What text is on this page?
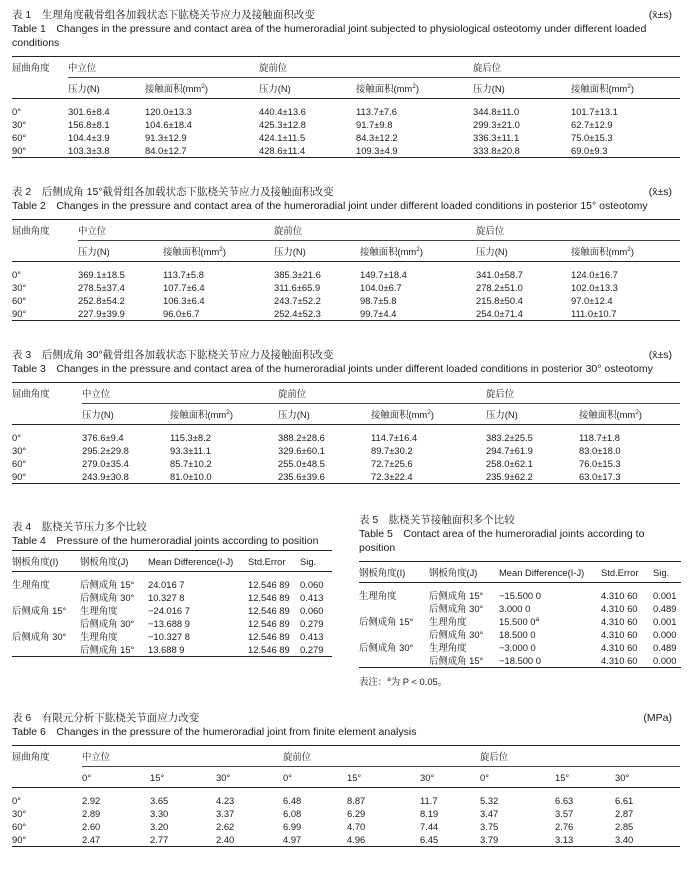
表 1　生理角度截骨组各加载状态下肱桡关节应力及接触面积改变	(x̄±s)
Table 1　Changes in the pressure and contact area of the humeroradial joint subjected to physiological osteotomy under different loaded conditions
屈曲角度	中立位		旋前位		旋后位	
	压力(N)	接触面积$(mm^2)$	压力(N)	接触面积$(mm^2)$	压力(N)	接触面积$(mm^2)$

0°	301.6±8.4	120.0±13.3	440.4±13.6	113.7±7.6	344.8±11.0	101.7±13.1
30°	156.8±8.1	104.6±18.4	425.3±12.8	91.7±9.8	299.3±21.0	62.7±12.9
60°	104.4±3.9	91.3±12.9	424.1±11.5	84.3±12.2	336.3±11.1	75.0±15.3
90°	103.3±3.8	84.0±12.7	428.6±11.4	109.3±4.9	333.8±20.8	69.0±9.3
表 2　后侧成角 15°截骨组各加载状态下肱桡关节应力及接触面积改变	(x̄±s)
Table 2　Changes in the pressure and contact area of the humeroradial joint under different loaded conditions in posterior 15° osteotomy
屈曲角度	中立位		旋前位		旋后位	
	压力(N)	接触面积$(mm^2)$	压力(N)	接触面积$(mm^2)$	压力(N)	接触面积$(mm^2)$

0°	369.1±18.5	113.7±5.8	385.3±21.6	149.7±18.4	341.0±58.7	124.0±16.7
30°	278.5±37.4	107.7±6.4	311.6±65.9	104.0±6.7	278.2±51.0	102.0±13.3
60°	252.8±54.2	106.3±6.4	243.7±52.2	98.7±5.8	215.8±50.4	97.0±12.4
90°	227.9±39.9	96.0±6.7	252.4±52.3	99.7±4.4	254.0±71.4	111.0±10.7
表 3　后侧成角 30°截骨组各加载状态下肱桡关节应力及接触面积改变	(x̄±s)
Table 3　Changes in the pressure and contact area of the humeroradial joints under different loaded conditions in posterior 30° osteotomy
屈曲角度	中立位		旋前位		旋后位	
	压力(N)	接触面积$(mm^2)$	压力(N)	接触面积$(mm^2)$	压力(N)	接触面积$(mm^2)$

0°	376.6±9.4	115.3±8.2	388.2±28.6	114.7±16.4	383.2±25.5	118.7±1.8
30°	295.2±29.8	93.3±11.1	329.6±60.1	89.7±30.2	294.7±61.9	83.0±18.0
60°	279.0±35.4	85.7±10.2	255.0±48.5	72.7±25.6	258.0±62.1	76.0±15.3
90°	243.9±30.8	81.0±10.0	235.6±39.6	72.3±22.4	235.9±62.2	63.0±17.3
表 4　肱桡关节压力多个比较
Table 4　Pressure of the humeroradial joints according to position
钢板角度(I)	钢板角度(J)	Mean Difference(I-J)	Std.Error	Sig.

生理角度	后侧成角 15°	24.016 7	12.546 89	0.060
	后侧成角 30°	10.327 8	12.546 89	0.413
后侧成角 15°	生理角度	−24.016 7	12.546 89	0.060
	后侧成角 30°	−13.688 9	12.546 89	0.279
后侧成角 30°	生理角度	−10.327 8	12.546 89	0.413
	后侧成角 15°	13.688 9	12.546 89	0.279
表 5　肱桡关节接触面积多个比较
Table 5　Contact area of the humeroradial joints according to position
钢板角度(I)	钢板角度(J)	Mean Difference(I-J)	Std.Error	Sig.

生理角度	后侧成角 15°	−15.500 0	4.310 60	0.001
	后侧成角 30°	3.000 0	4.310 60	0.489
后侧成角 15°	生理角度	15.500 0$^a$	4.310 60	0.001
	后侧成角 30°	18.500 0	4.310 60	0.000
后侧成角 30°	生理角度	−3.000 0	4.310 60	0.489
	后侧成角 15°	−18.500 0	4.310 60	0.000
表注：$^a$为 P < 0.05。
表 6　有限元分析下肱桡关节面应力改变	(MPa)
Table 6　Changes in the pressure of the humeroradial joint from finite element analysis
屈曲角度	中立位			旋前位			旋后位		
	0°	15°	30°	0°	15°	30°	0°	15°	30°

0°	2.92	3.65	4.23	6.48	8.87	11.7	5.32	6.63	6.61
30°	2.89	3.30	3.37	6.08	6.29	8.19	3.47	3.57	2.87
60°	2.60	3.20	2.62	6.99	4.70	7.44	3.75	2.76	2.85
90°	2.47	2.77	2.40	4.97	4.96	6.45	3.79	3.13	3.40
